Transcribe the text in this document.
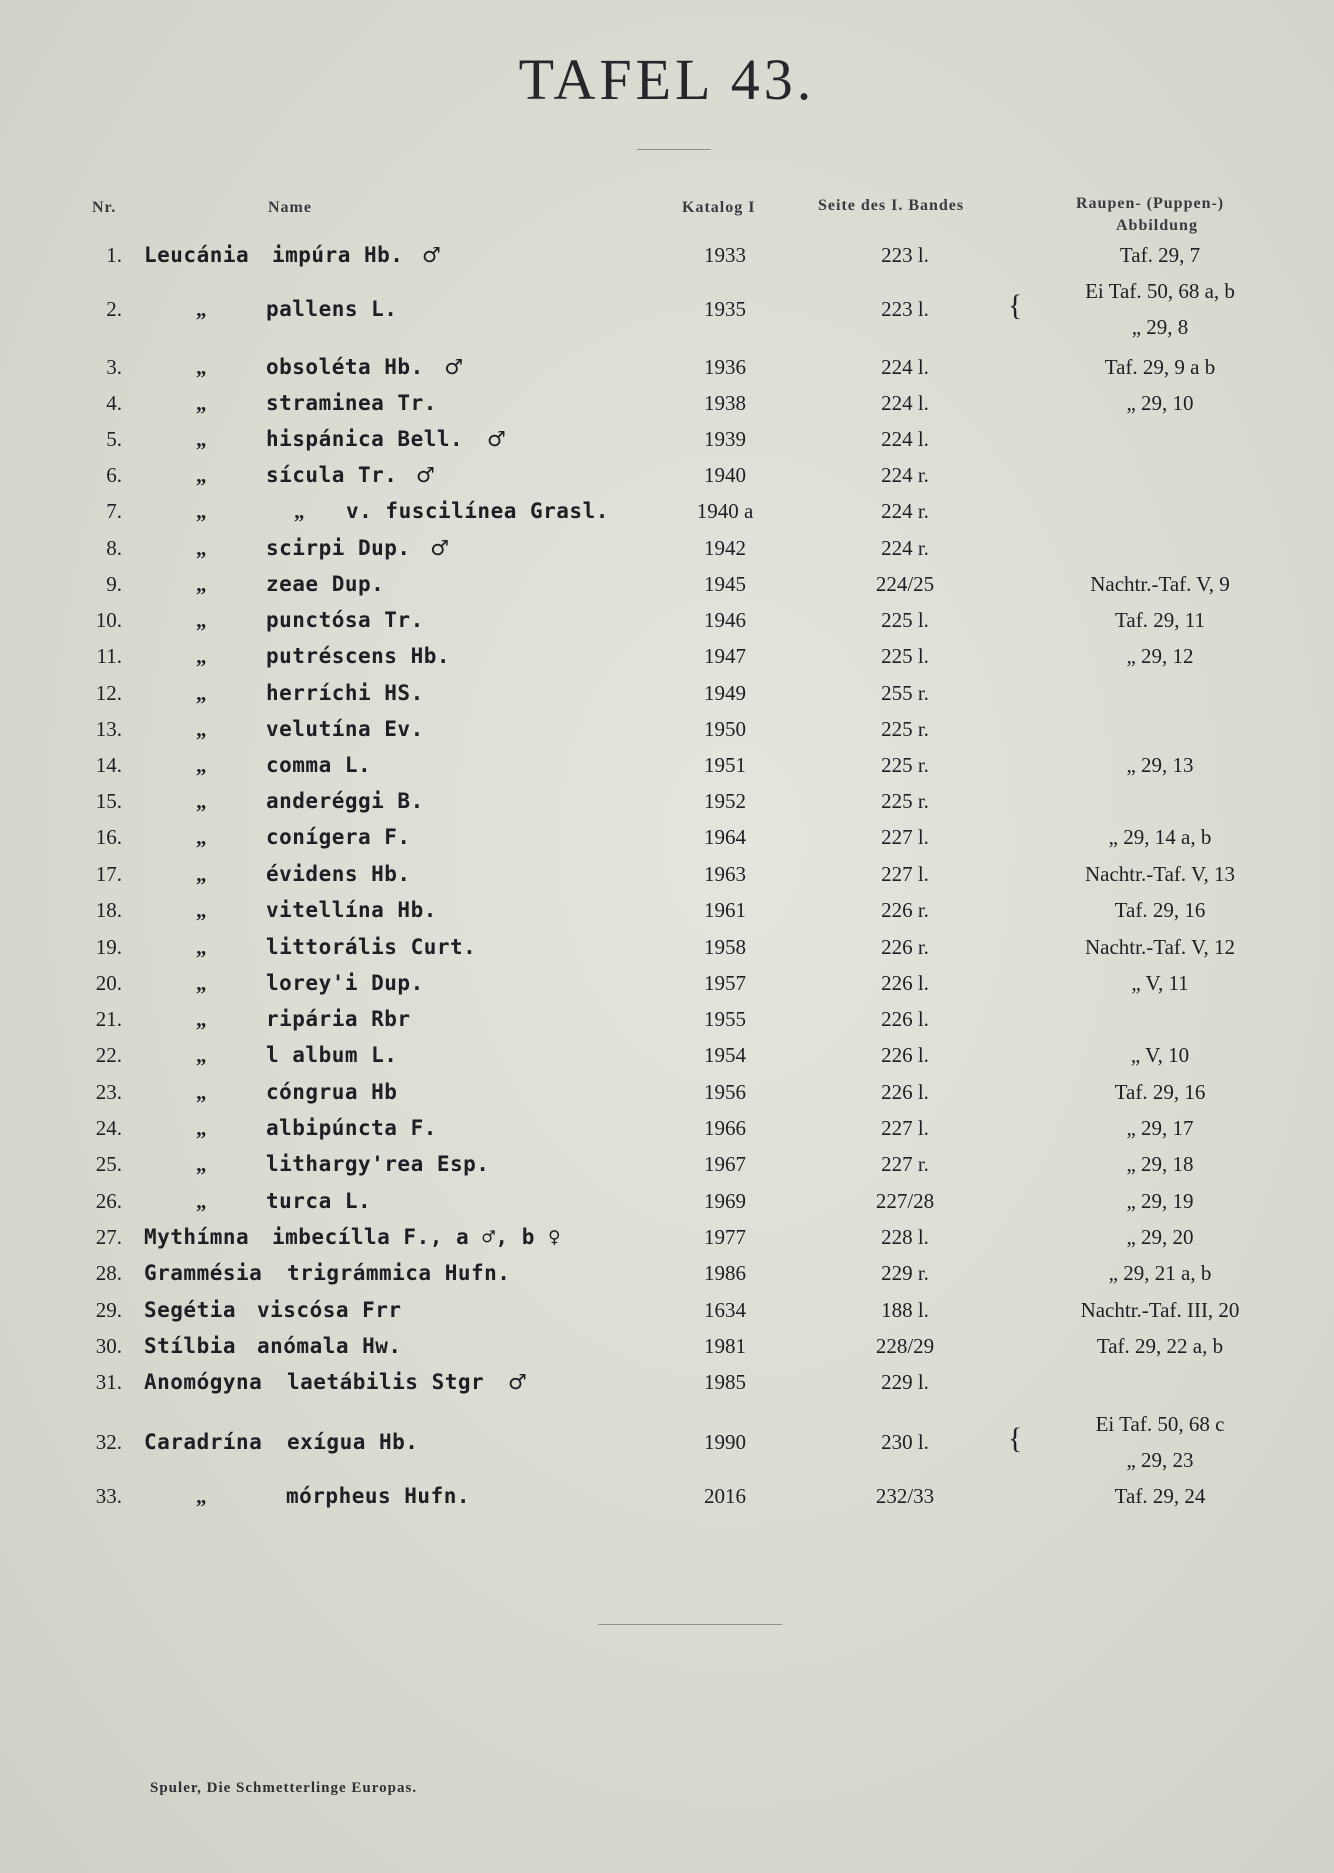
TAFEL 43.
Nr.	Name	Katalog I	Seite des I. Bandes	Raupen- (Puppen-)
Abbildung
1. Leucánia impúra Hb. ♂	1933	223 l.	Taf. 29, 7
2.	„	pallens L.	1935	223 l.	{	Ei Taf. 50, 68 a, b
„ 29, 8
3.	„	obsoléta Hb. ♂	1936	224 l.	Taf. 29, 9 a b
4.	„	straminea Tr.	1938	224 l.	„ 29, 10
5.	„	hispánica Bell. ♂	1939	224 l.
6.	„	sícula Tr. ♂	1940	224 r.
7.	„	„ v. fuscilínea Grasl.	1940 a	224 r.
8.	„	scirpi Dup. ♂	1942	224 r.
9.	„	zeae Dup.	1945	224/25	Nachtr.-Taf. V, 9
10.	„	punctósa Tr.	1946	225 l.	Taf. 29, 11
11.	„	putréscens Hb.	1947	225 l.	„ 29, 12
12.	„	herríchi HS.	1949	255 r.
13.	„	velutína Ev.	1950	225 r.
14.	„	comma L.	1951	225 r.	„ 29, 13
15.	„	anderéggi B.	1952	225 r.
16.	„	conígera F.	1964	227 l.	„ 29, 14 a, b
17.	„	évidens Hb.	1963	227 l.	Nachtr.-Taf. V, 13
18.	„	vitellína Hb.	1961	226 r.	Taf. 29, 16
19.	„	littorális Curt.	1958	226 r.	Nachtr.-Taf. V, 12
20.	„	lorey'i Dup.	1957	226 l.	„ V, 11
21.	„	ripária Rbr	1955	226 l.
22.	„	l album L.	1954	226 l.	„ V, 10
23.	„	cóngrua Hb	1956	226 l.	Taf. 29, 16
24.	„	albipúncta F.	1966	227 l.	„ 29, 17
25.	„	lithargy'rea Esp.	1967	227 r.	„ 29, 18
26.	„	turca L.	1969	227/28	„ 29, 19
27. Mythímna imbecílla F., a ♂, b ♀	1977	228 l.	„ 29, 20
28. Grammésia trigrámmica Hufn.	1986	229 r.	„ 29, 21 a, b
29. Segétia viscósa Frr	1634	188 l.	Nachtr.-Taf. III, 20
30. Stílbia anómala Hw.	1981	228/29	Taf. 29, 22 a, b
31. Anomógyna laetábilis Stgr ♂	1985	229 l.
32. Caradrína exígua Hb.	1990	230 l.	{	Ei Taf. 50, 68 c
„ 29, 23
33.	„	mórpheus Hufn.	2016	232/33	Taf. 29, 24
Spuler, Die Schmetterlinge Europas.
